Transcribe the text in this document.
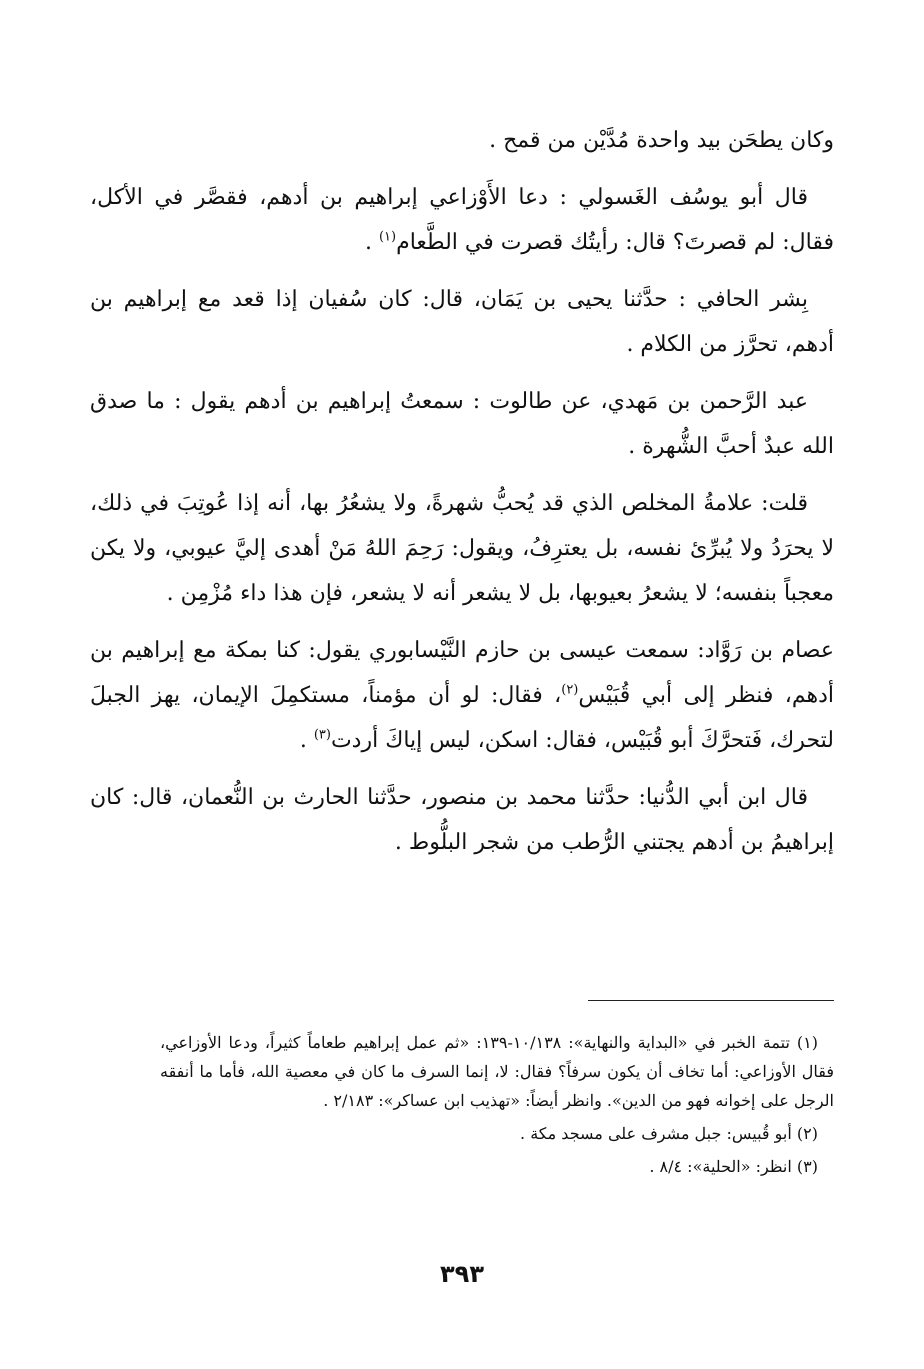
وكان يطحَن بيد واحدة مُدَّيْن من قمح .

قال أبو يوسُف الغَسولي : دعا الأَوْزاعي إبراهيم بن أدهم، فقصَّر في الأكل، فقال: لم قصرتَ؟ قال: رأيتُك قصرت في الطَّعام$^{(١)}$ .

بِشر الحافي : حدَّثنا يحيى بن يَمَان، قال: كان سُفيان إذا قعد مع إبراهيم بن أدهم، تحرَّز من الكلام .

عبد الرَّحمن بن مَهدي، عن طالوت : سمعتُ إبراهيم بن أدهم يقول : ما صدق الله عبدٌ أحبَّ الشُّهرة .

قلت: علامةُ المخلص الذي قد يُحبُّ شهرةً، ولا يشعُرُ بها، أنه إذا عُوتِبَ في ذلك، لا يحرَدُ ولا يُبرِّئ نفسه، بل يعترِفُ، ويقول: رَحِمَ اللهُ مَنْ أهدى إليَّ عيوبي، ولا يكن معجباً بنفسه؛ لا يشعرُ بعيوبها، بل لا يشعر أنه لا يشعر، فإن هذا داء مُزْمِن .

عصام بن رَوَّاد: سمعت عيسى بن حازم النَّيْسابوري يقول: كنا بمكة مع إبراهيم بن أدهم، فنظر إلى أبي قُبَيْس$^{(٢)}$، فقال: لو أن مؤمناً، مستكمِلَ الإيمان، يهز الجبلَ لتحرك، فَتحرَّكَ أبو قُبَيْس، فقال: اسكن، ليس إياكَ أردت$^{(٣)}$ .

قال ابن أبي الدُّنيا: حدَّثنا محمد بن منصور، حدَّثنا الحارث بن النُّعمان، قال: كان إبراهيمُ بن أدهم يجتني الرُّطب من شجر البلُّوط .

(١) تتمة الخبر في «البداية والنهاية»: ١٠/١٣٨-١٣٩: «ثم عمل إبراهيم طعاماً كثيراً، ودعا الأوزاعي، فقال الأوزاعي: أما تخاف أن يكون سرفاً؟ فقال: لا، إنما السرف ما كان في معصية الله، فأما ما أنفقه الرجل على إخوانه فهو من الدين». وانظر أيضاً: «تهذيب ابن عساكر»: ٢/١٨٣ .

(٢) أبو قُبيس: جبل مشرف على مسجد مكة .

(٣) انظر: «الحلية»: ٨/٤ .

٣٩٣
